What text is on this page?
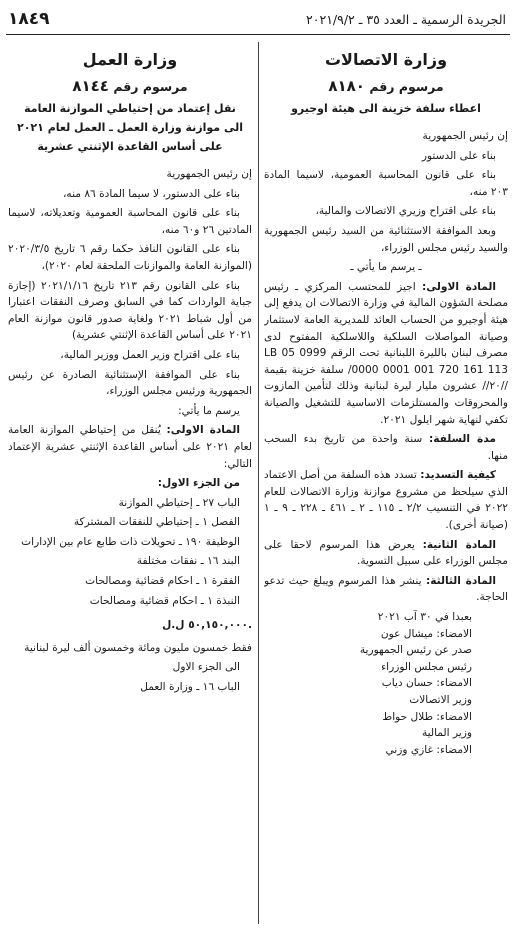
الجريدة الرسمية ـ العدد ٣٥ ـ ٢٠٢١/٩/٢
١٨٤٩
وزارة الاتصالات
مرسوم رقم ٨١٨٠
اعطاء سلفة خزينة الى هيئة اوجيرو

إن رئيس الجمهورية

بناء على الدستور

بناء على قانون المحاسبة العمومية، لاسيما المادة ٢٠٣ منه،

بناء على اقتراح وزيري الاتصالات والمالية،

وبعد الموافقة الاستثنائية من السيد رئيس الجمهورية والسيد رئيس مجلس الوزراء،

ـ يرسم ما يأتي ـ

المادة الاولى: اجيز للمحتسب المركزي ـ رئيس مصلحة الشؤون المالية في وزارة الاتصالات ان يدفع إلى هيئة أوجيرو من الحساب العائد للمديرية العامة لاستثمار وصيانة المواصلات السلكية واللاسلكية المفتوح لدى مصرف لبنان بالليرة اللبنانية تحت الرقم LB 05 0999 0000 0001 001 720 161 113/ سلفة خزينة بقيمة //٢٠// عشرون مليار ليرة لبنانية وذلك لتأمين المازوت والمحروقات والمستلزمات الاساسية للتشغيل والصيانة تكفي لنهاية شهر ايلول ٢٠٢١.

مدة السلفة: سنة واحدة من تاريخ بدء السحب منها.

كيفية التسديد: تسدد هذه السلفة من أصل الاعتماد الذي سيلحظ من مشروع موازنة وزارة الاتصالات للعام ٢٠٢٢ في التنسيب ٢/٢ ـ ١١٥ ـ ٢ ـ ٤٦١ ـ ٢٢٨ ـ ٩ ـ ١ (صيانة أخرى).

المادة الثانية: يعرض هذا المرسوم لاحقا على مجلس الوزراء على سبيل التسوية.

المادة الثالثة: ينشر هذا المرسوم ويبلغ حيث تدعو الحاجة.

بعبدا في ٣٠ آب ٢٠٢١

الامضاء: ميشال عون

صدر عن رئيس الجمهورية

رئيس مجلس الوزراء

الامضاء: حسان دياب

وزير الاتصالات

الامضاء: طلال حواط

وزير المالية

الامضاء: غازي وزني

وزارة العمل
مرسوم رقم ٨١٤٤
نقل إعتماد من إحتياطي الموازنة العامة
الى موازنة وزارة العمل ـ العمل لعام ٢٠٢١
على أساس القاعدة الإثنتي عشرية

إن رئيس الجمهورية

بناء على الدستور، لا سيما المادة ٨٦ منه،

بناء على قانون المحاسبة العمومية وتعديلاته، لاسيما المادتين ٢٦ و٦٠ منه،

بناء على القانون النافذ حكما رقم ٦ تاريخ ٢٠٢٠/٣/٥ (الموازنة العامة والموازنات الملحقة لعام ٢٠٢٠)،

بناء على القانون رقم ٢١٣ تاريخ ٢٠٢١/١/١٦ (إجازة جباية الواردات كما في السابق وصرف النفقات اعتبارا من أول شباط ٢٠٢١ ولغاية صدور قانون موازنة العام ٢٠٢١ على أساس القاعدة الإثنتي عشرية)

بناء على اقتراح وزير العمل ووزير المالية،

بناء على الموافقة الإستثنائية الصادرة عن رئيس الجمهورية ورئيس مجلس الوزراء،

يرسم ما يأتي:

المادة الاولى: يُنقل من إحتياطي الموازنة العامة لعام ٢٠٢١ على أساس القاعدة الإثنتي عشرية الإعتماد التالي:

من الجزء الاول:

الباب ٢٧ ـ إحتياطي الموازنة

الفصل ١ ـ إحتياطي للنفقات المشتركة

الوظيفة ١٩٠ ـ تحويلات ذات طابع عام بين الإدارات

البند ١٦ ـ نفقات مختلفة

الفقرة ١ ـ احكام قضائية ومصالحات

النبذة ١ ـ احكام قضائية ومصالحات

٥٠,١٥٠,٠٠٠ ل.ل.

فقط خمسون مليون ومائة وخمسون ألف ليرة لبنانية

الى الجزء الاول

الباب ١٦ ـ وزارة العمل
